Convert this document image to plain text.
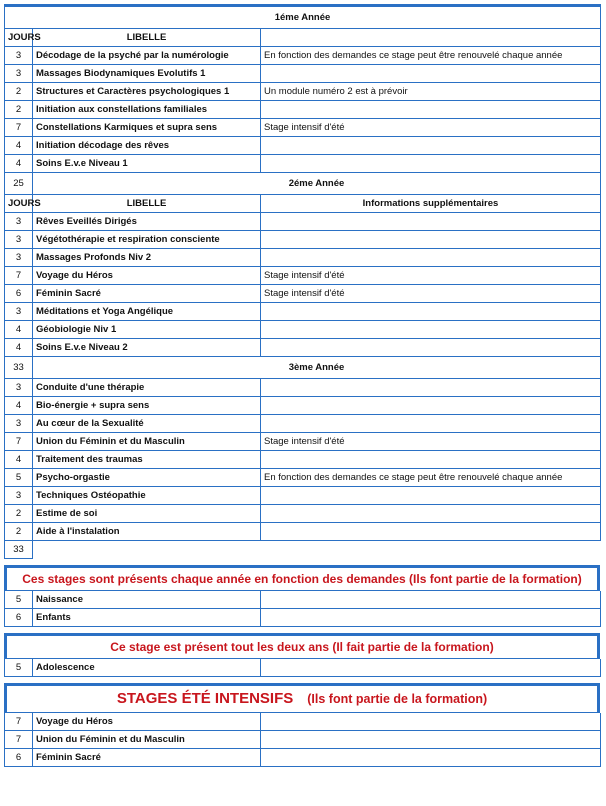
1éme Année		
JOURS	LIBELLE	
3	Décodage de la psyché par la numérologie	En fonction des demandes ce stage peut être renouvelé chaque année
3	Massages Biodynamiques Evolutifs 1	
2	Structures et Caractères psychologiques 1	Un module numéro 2 est à prévoir
2	Initiation aux constellations familiales	
7	Constellations Karmiques et supra sens	Stage intensif d'été
4	Initiation décodage des rêves	
4	Soins E.v.e Niveau 1	
25	2éme Année	
JOURS	LIBELLE	Informations supplémentaires
3	Rêves Eveillés Dirigés	
3	Végétothérapie et respiration consciente	
3	Massages Profonds Niv 2	
7	Voyage du Héros	Stage intensif d'été
6	Féminin Sacré	Stage intensif d'été
3	Méditations et Yoga Angélique	
4	Géobiologie Niv 1	
4	Soins E.v.e Niveau 2	
33	3ème Année	
3	Conduite d'une thérapie	
4	Bio-énergie + supra sens	
3	Au cœur de la Sexualité	
7	Union du Féminin et du Masculin	Stage intensif d'été
4	Traitement des traumas	
5	Psycho-orgastie	En fonction des demandes ce stage peut être renouvelé chaque année
3	Techniques Ostéopathie	
2	Estime de soi	
2	Aide à l'instalation	
33		
Ces stages sont présents chaque année en fonction des demandes (Ils font partie de la formation)
5	Naissance	
6	Enfants	
Ce stage est présent tout les deux ans (Il fait partie de la formation)
5	Adolescence	
STAGES ÉTÉ INTENSIFS (Ils font partie de la formation)
7	Voyage du Héros	
7	Union du Féminin et du Masculin	
6	Féminin Sacré	
